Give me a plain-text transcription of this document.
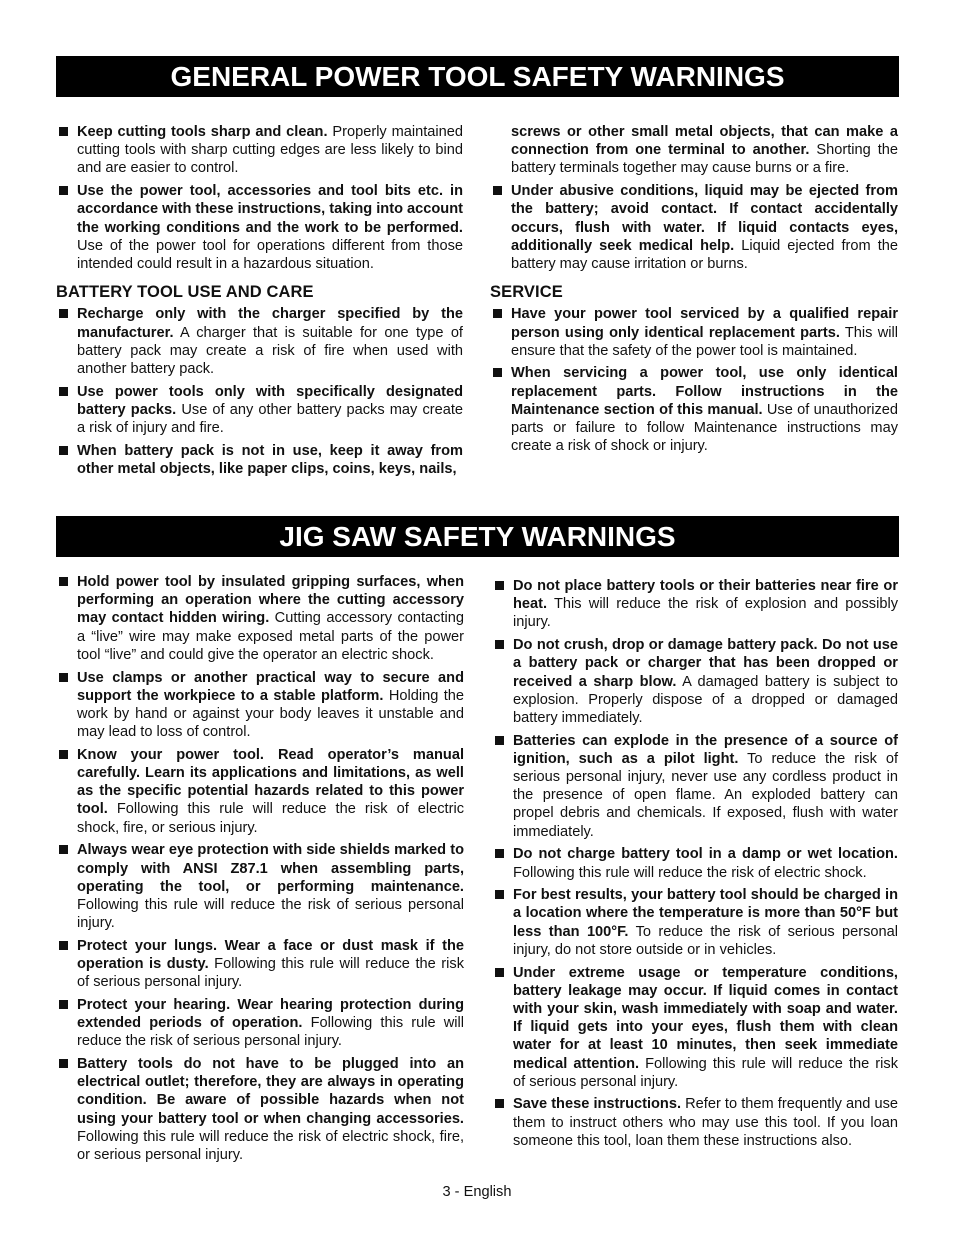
GENERAL POWER TOOL SAFETY WARNINGS
Keep cutting tools sharp and clean. Properly maintained cutting tools with sharp cutting edges are less likely to bind and are easier to control.
Use the power tool, accessories and tool bits etc. in accordance with these instructions, taking into account the working conditions and the work to be performed. Use of the power tool for operations different from those intended could result in a hazardous situation.
BATTERY TOOL USE AND CARE
Recharge only with the charger specified by the manufacturer. A charger that is suitable for one type of battery pack may create a risk of fire when used with another battery pack.
Use power tools only with specifically designated battery packs. Use of any other battery packs may create a risk of injury and fire.
When battery pack is not in use, keep it away from other metal objects, like paper clips, coins, keys, nails,
screws or other small metal objects, that can make a connection from one terminal to another. Shorting the battery terminals together may cause burns or a fire.
Under abusive conditions, liquid may be ejected from the battery; avoid contact. If contact accidentally occurs, flush with water. If liquid contacts eyes, additionally seek medical help. Liquid ejected from the battery may cause irritation or burns.
SERVICE
Have your power tool serviced by a qualified repair person using only identical replacement parts. This will ensure that the safety of the power tool is maintained.
When servicing a power tool, use only identical replacement parts. Follow instructions in the Maintenance section of this manual. Use of unauthorized parts or failure to follow Maintenance instructions may create a risk of shock or injury.
JIG SAW SAFETY WARNINGS
Hold power tool by insulated gripping surfaces, when performing an operation where the cutting accessory may contact hidden wiring. Cutting accessory contacting a “live” wire may make exposed metal parts of the power tool “live” and could give the operator an electric shock.
Use clamps or another practical way to secure and support the workpiece to a stable platform. Holding the work by hand or against your body leaves it unstable and may lead to loss of control.
Know your power tool. Read operator’s manual carefully. Learn its applications and limitations, as well as the specific potential hazards related to this power tool. Following this rule will reduce the risk of electric shock, fire, or serious injury.
Always wear eye protection with side shields marked to comply with ANSI Z87.1 when assembling parts, operating the tool, or performing maintenance. Following this rule will reduce the risk of serious personal injury.
Protect your lungs. Wear a face or dust mask if the operation is dusty. Following this rule will reduce the risk of serious personal injury.
Protect your hearing. Wear hearing protection during extended periods of operation. Following this rule will reduce the risk of serious personal injury.
Battery tools do not have to be plugged into an electrical outlet; therefore, they are always in operating condition. Be aware of possible hazards when not using your battery tool or when changing accessories. Following this rule will reduce the risk of electric shock, fire, or serious personal injury.
Do not place battery tools or their batteries near fire or heat. This will reduce the risk of explosion and possibly injury.
Do not crush, drop or damage battery pack. Do not use a battery pack or charger that has been dropped or received a sharp blow. A damaged battery is subject to explosion. Properly dispose of a dropped or damaged battery immediately.
Batteries can explode in the presence of a source of ignition, such as a pilot light. To reduce the risk of serious personal injury, never use any cordless product in the presence of open flame. An exploded battery can propel debris and chemicals. If exposed, flush with water immediately.
Do not charge battery tool in a damp or wet location. Following this rule will reduce the risk of electric shock.
For best results, your battery tool should be charged in a location where the temperature is more than 50°F but less than 100°F. To reduce the risk of serious personal injury, do not store outside or in vehicles.
Under extreme usage or temperature conditions, battery leakage may occur. If liquid comes in contact with your skin, wash immediately with soap and water. If liquid gets into your eyes, flush them with clean water for at least 10 minutes, then seek immediate medical attention. Following this rule will reduce the risk of serious personal injury.
Save these instructions. Refer to them frequently and use them to instruct others who may use this tool. If you loan someone this tool, loan them these instructions also.
3 - English
